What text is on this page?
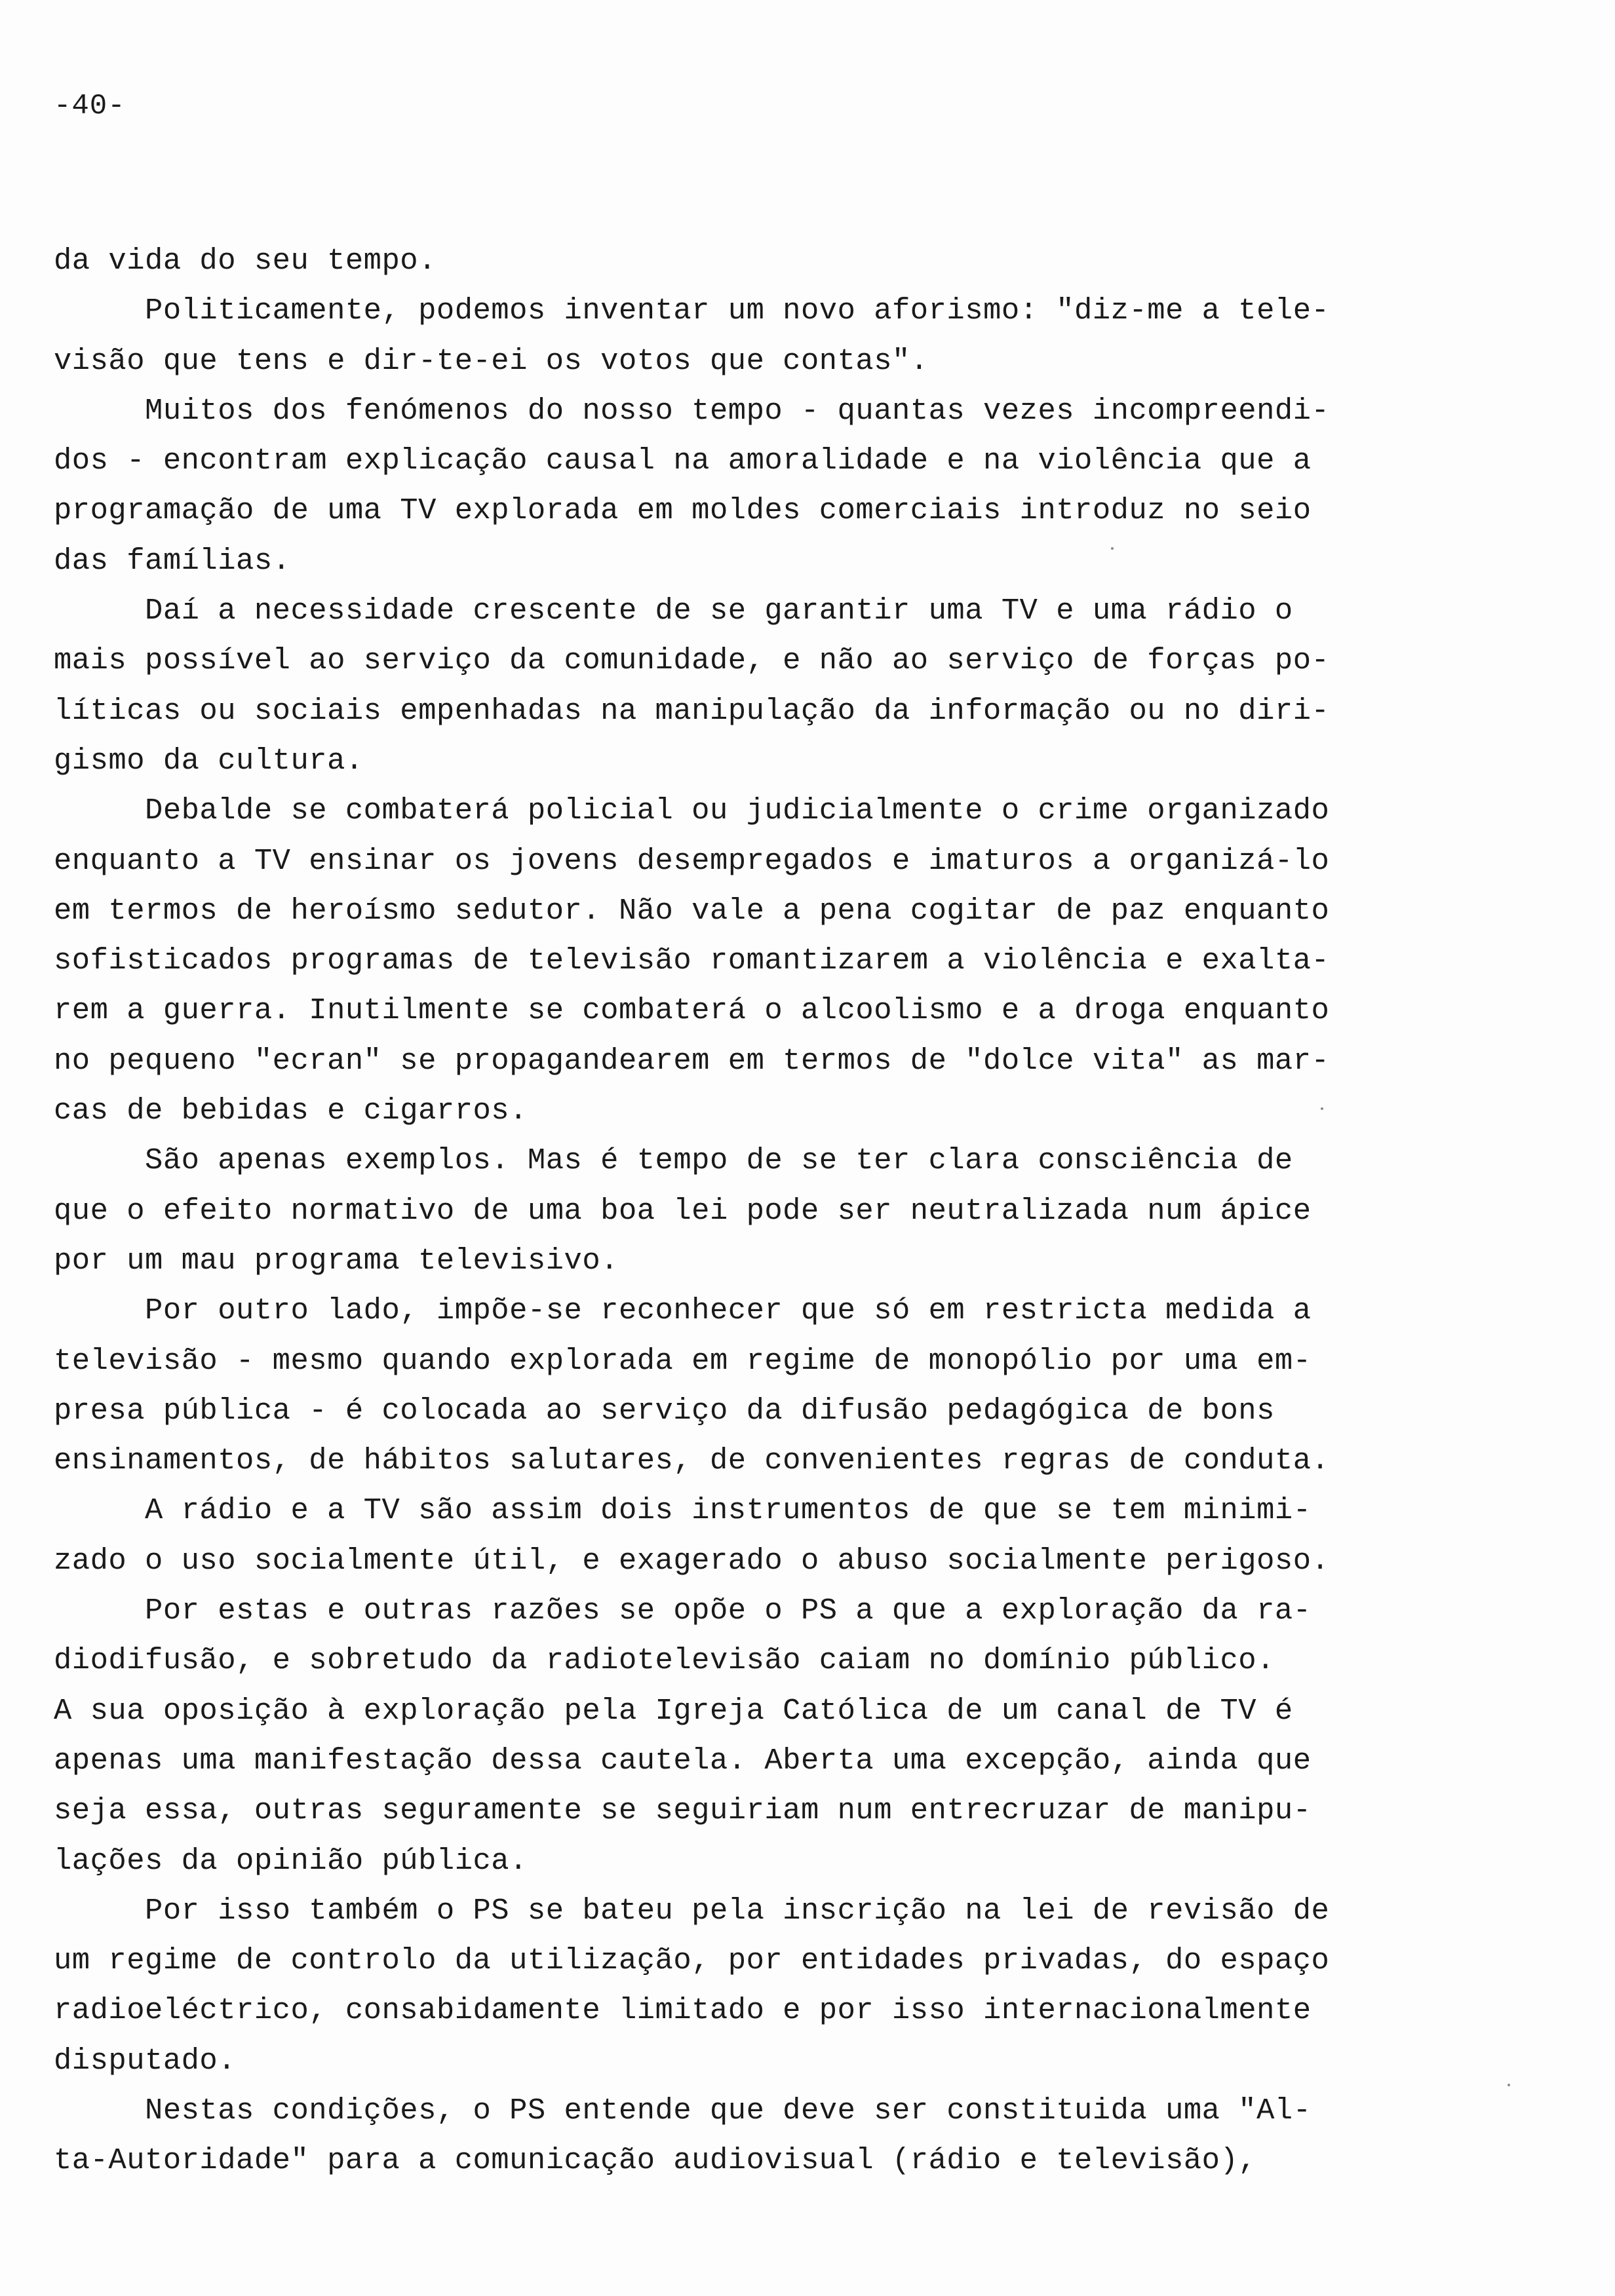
-40-
da vida do seu tempo.
Politicamente, podemos inventar um novo aforismo: "diz-me a tele-
visão que tens e dir-te-ei os votos que contas".
Muitos dos fenómenos do nosso tempo - quantas vezes incompreendi-
dos - encontram explicação causal na amoralidade e na violência que a
programação de uma TV explorada em moldes comerciais introduz no seio
das famílias.
Daí a necessidade crescente de se garantir uma TV e uma rádio o
mais possível ao serviço da comunidade, e não ao serviço de forças po-
líticas ou sociais empenhadas na manipulação da informação ou no diri-
gismo da cultura.
Debalde se combaterá policial ou judicialmente o crime organizado
enquanto a TV ensinar os jovens desempregados e imaturos a organizá-lo
em termos de heroísmo sedutor. Não vale a pena cogitar de paz enquanto
sofisticados programas de televisão romantizarem a violência e exalta-
rem a guerra. Inutilmente se combaterá o alcoolismo e a droga enquanto
no pequeno "ecran" se propagandearem em termos de "dolce vita" as mar-
cas de bebidas e cigarros.
São apenas exemplos. Mas é tempo de se ter clara consciência de
que o efeito normativo de uma boa lei pode ser neutralizada num ápice
por um mau programa televisivo.
Por outro lado, impõe-se reconhecer que só em restricta medida a
televisão - mesmo quando explorada em regime de monopólio por uma em-
presa pública - é colocada ao serviço da difusão pedagógica de bons
ensinamentos, de hábitos salutares, de convenientes regras de conduta.
A rádio e a TV são assim dois instrumentos de que se tem minimi-
zado o uso socialmente útil, e exagerado o abuso socialmente perigoso.
Por estas e outras razões se opõe o PS a que a exploração da ra-
diodifusão, e sobretudo da radiotelevisão caiam no domínio público.
A sua oposição à exploração pela Igreja Católica de um canal de TV é
apenas uma manifestação dessa cautela. Aberta uma excepção, ainda que
seja essa, outras seguramente se seguiriam num entrecruzar de manipu-
lações da opinião pública.
Por isso também o PS se bateu pela inscrição na lei de revisão de
um regime de controlo da utilização, por entidades privadas, do espaço
radioeléctrico, consabidamente limitado e por isso internacionalmente
disputado.
Nestas condições, o PS entende que deve ser constituida uma "Al-
ta-Autoridade" para a comunicação audiovisual (rádio e televisão),
